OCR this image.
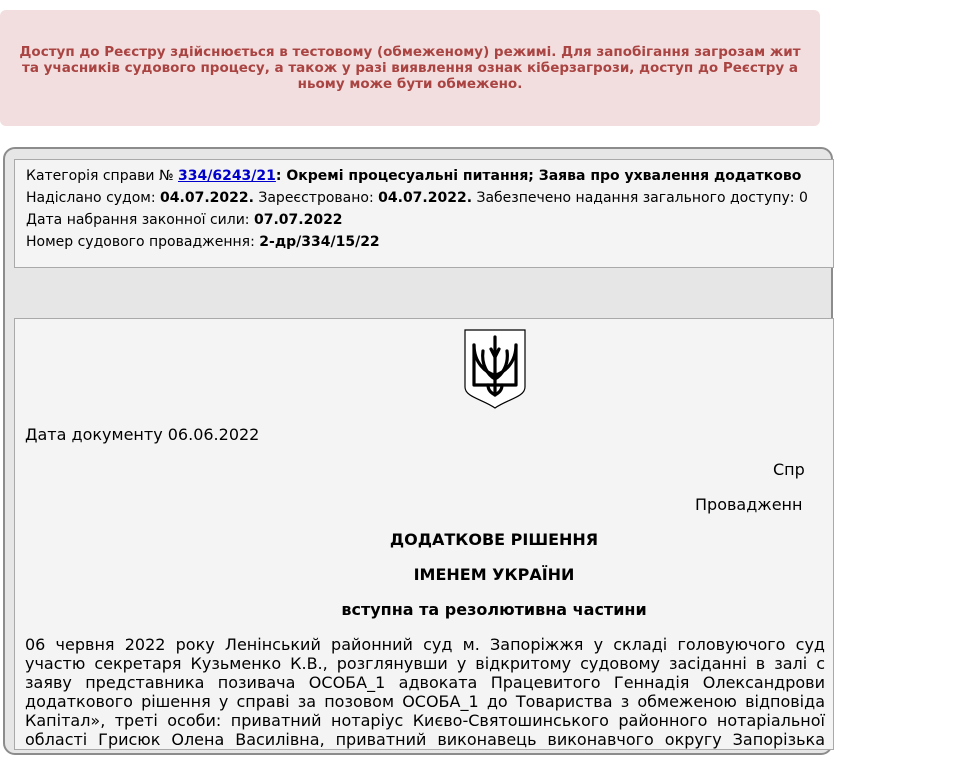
Доступ до Реєстру здійснюється в тестовому (обмеженому) режимі. Для запобігання загрозам жит
та учасників судового процесу, а також у разі виявлення ознак кіберзагрози, доступ до Реєстру а
ньому може бути обмежено.
Категорія справи № 334/6243/21: Окремі процесуальні питання; Заява про ухвалення додатково
Надіслано судом: 04.07.2022. Зареєстровано: 04.07.2022. Забезпечено надання загального доступу: 0
Дата набрання законної сили: 07.07.2022
Номер судового провадження: 2-др/334/15/22
Дата документу 06.06.2022
Спр
Провадженн
ДОДАТКОВЕ РІШЕННЯ
ІМЕНЕМ УКРАЇНИ
вступна та резолютивна частини
06 червня 2022 року Ленінський районний суд м. Запоріжжя у складі головуючого суд
участю секретаря Кузьменко К.В., розглянувши у відкритому судовому засіданні в залі с
заяву представника позивача ОСОБА_1 адвоката Працевитого Геннадія Олександрови
додаткового рішення у справі за позовом ОСОБА_1 до Товариства з обмеженою відповіда
Капітал», треті особи: приватний нотаріус Києво-Святошинського районного нотаріальної
області Грисюк Олена Василівна, приватний виконавець виконавчого округу Запорізька
